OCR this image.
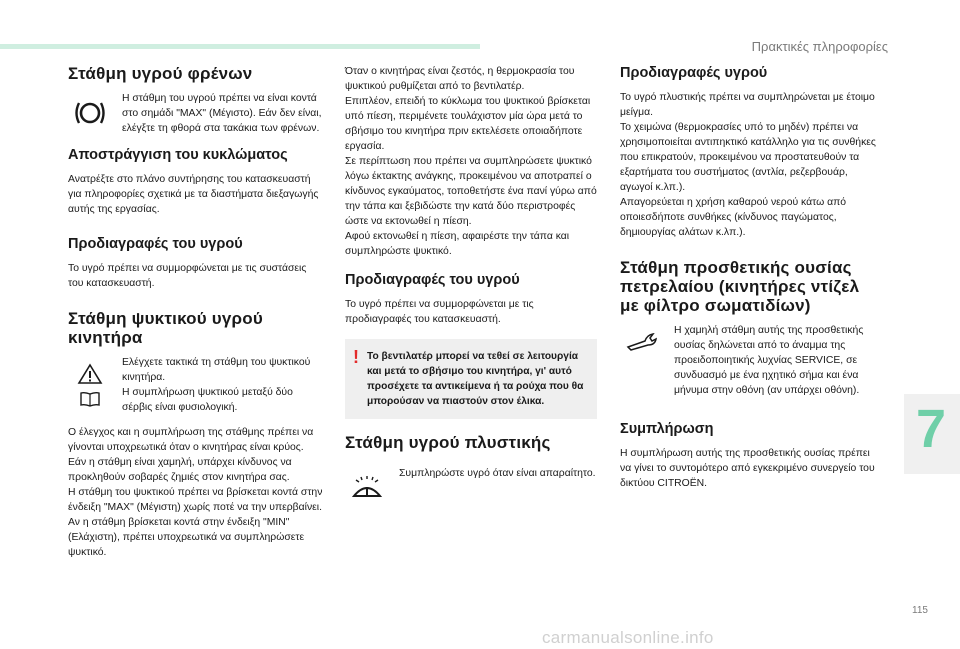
Πρακτικές πληροφορίες
7
115
carmanualsonline.info
Στάθμη υγρού φρένων

Η στάθμη του υγρού πρέπει να είναι κοντά στο σημάδι "MAX" (Μέγιστο). Εάν δεν είναι, ελέγξτε τη φθορά στα τακάκια των φρένων.

Αποστράγγιση του κυκλώματος

Ανατρέξτε στο πλάνο συντήρησης του κατασκευαστή για πληροφορίες σχετικά με τα διαστήματα διεξαγωγής αυτής της εργασίας.

Προδιαγραφές του υγρού

Το υγρό πρέπει να συμμορφώνεται με τις συστάσεις του κατασκευαστή.

Στάθμη ψυκτικού υγρού κινητήρα

Ελέγχετε τακτικά τη στάθμη του ψυκτικού κινητήρα.
Η συμπλήρωση ψυκτικού μεταξύ δύο σέρβις είναι φυσιολογική.

Ο έλεγχος και η συμπλήρωση της στάθμης πρέπει να γίνονται υποχρεωτικά όταν ο κινητήρας είναι κρύος.
Εάν η στάθμη είναι χαμηλή, υπάρχει κίνδυνος να προκληθούν σοβαρές ζημιές στον κινητήρα σας.
Η στάθμη του ψυκτικού πρέπει να βρίσκεται κοντά στην ένδειξη "MAX" (Μέγιστη) χωρίς ποτέ να την υπερβαίνει.
Αν η στάθμη βρίσκεται κοντά στην ένδειξη "MIN" (Ελάχιστη), πρέπει υποχρεωτικά να συμπληρώσετε ψυκτικό.

Όταν ο κινητήρας είναι ζεστός, η θερμοκρασία του ψυκτικού ρυθμίζεται από το βεντιλατέρ.
Επιπλέον, επειδή το κύκλωμα του ψυκτικού βρίσκεται υπό πίεση, περιμένετε τουλάχιστον μία ώρα μετά το σβήσιμο του κινητήρα πριν εκτελέσετε οποιαδήποτε εργασία.
Σε περίπτωση που πρέπει να συμπληρώσετε ψυκτικό λόγω έκτακτης ανάγκης, προκειμένου να αποτραπεί ο κίνδυνος εγκαύματος, τοποθετήστε ένα πανί γύρω από την τάπα και ξεβιδώστε την κατά δύο περιστροφές ώστε να εκτονωθεί η πίεση.
Αφού εκτονωθεί η πίεση, αφαιρέστε την τάπα και συμπληρώστε ψυκτικό.

Προδιαγραφές του υγρού

Το υγρό πρέπει να συμμορφώνεται με τις προδιαγραφές του κατασκευαστή.

! Το βεντιλατέρ μπορεί να τεθεί σε λειτουργία και μετά το σβήσιμο του κινητήρα, γι' αυτό προσέχετε τα αντικείμενα ή τα ρούχα που θα μπορούσαν να πιαστούν στον έλικα.
Στάθμη υγρού πλυστικής

Συμπληρώστε υγρό όταν είναι απαραίτητο.

Προδιαγραφές υγρού

Το υγρό πλυστικής πρέπει να συμπληρώνεται με έτοιμο μείγμα.
Το χειμώνα (θερμοκρασίες υπό το μηδέν) πρέπει να χρησιμοποιείται αντιπηκτικό κατάλληλο για τις συνθήκες που επικρατούν, προκειμένου να προστατευθούν τα εξαρτήματα του συστήματος (αντλία, ρεζερβουάρ, αγωγοί κ.λπ.).
Απαγορεύεται η χρήση καθαρού νερού κάτω από οποιεσδήποτε συνθήκες (κίνδυνος παγώματος, δημιουργίας αλάτων κ.λπ.).

Στάθμη προσθετικής ουσίας πετρελαίου (κινητήρες ντίζελ με φίλτρο σωματιδίων)

Η χαμηλή στάθμη αυτής της προσθετικής ουσίας δηλώνεται από το άναμμα της προειδοποιητικής λυχνίας SERVICE, σε συνδυασμό με ένα ηχητικό σήμα και ένα μήνυμα στην οθόνη (αν υπάρχει οθόνη).

Συμπλήρωση

Η συμπλήρωση αυτής της προσθετικής ουσίας πρέπει να γίνει το συντομότερο από εγκεκριμένο συνεργείο του δικτύου CITROËN.
